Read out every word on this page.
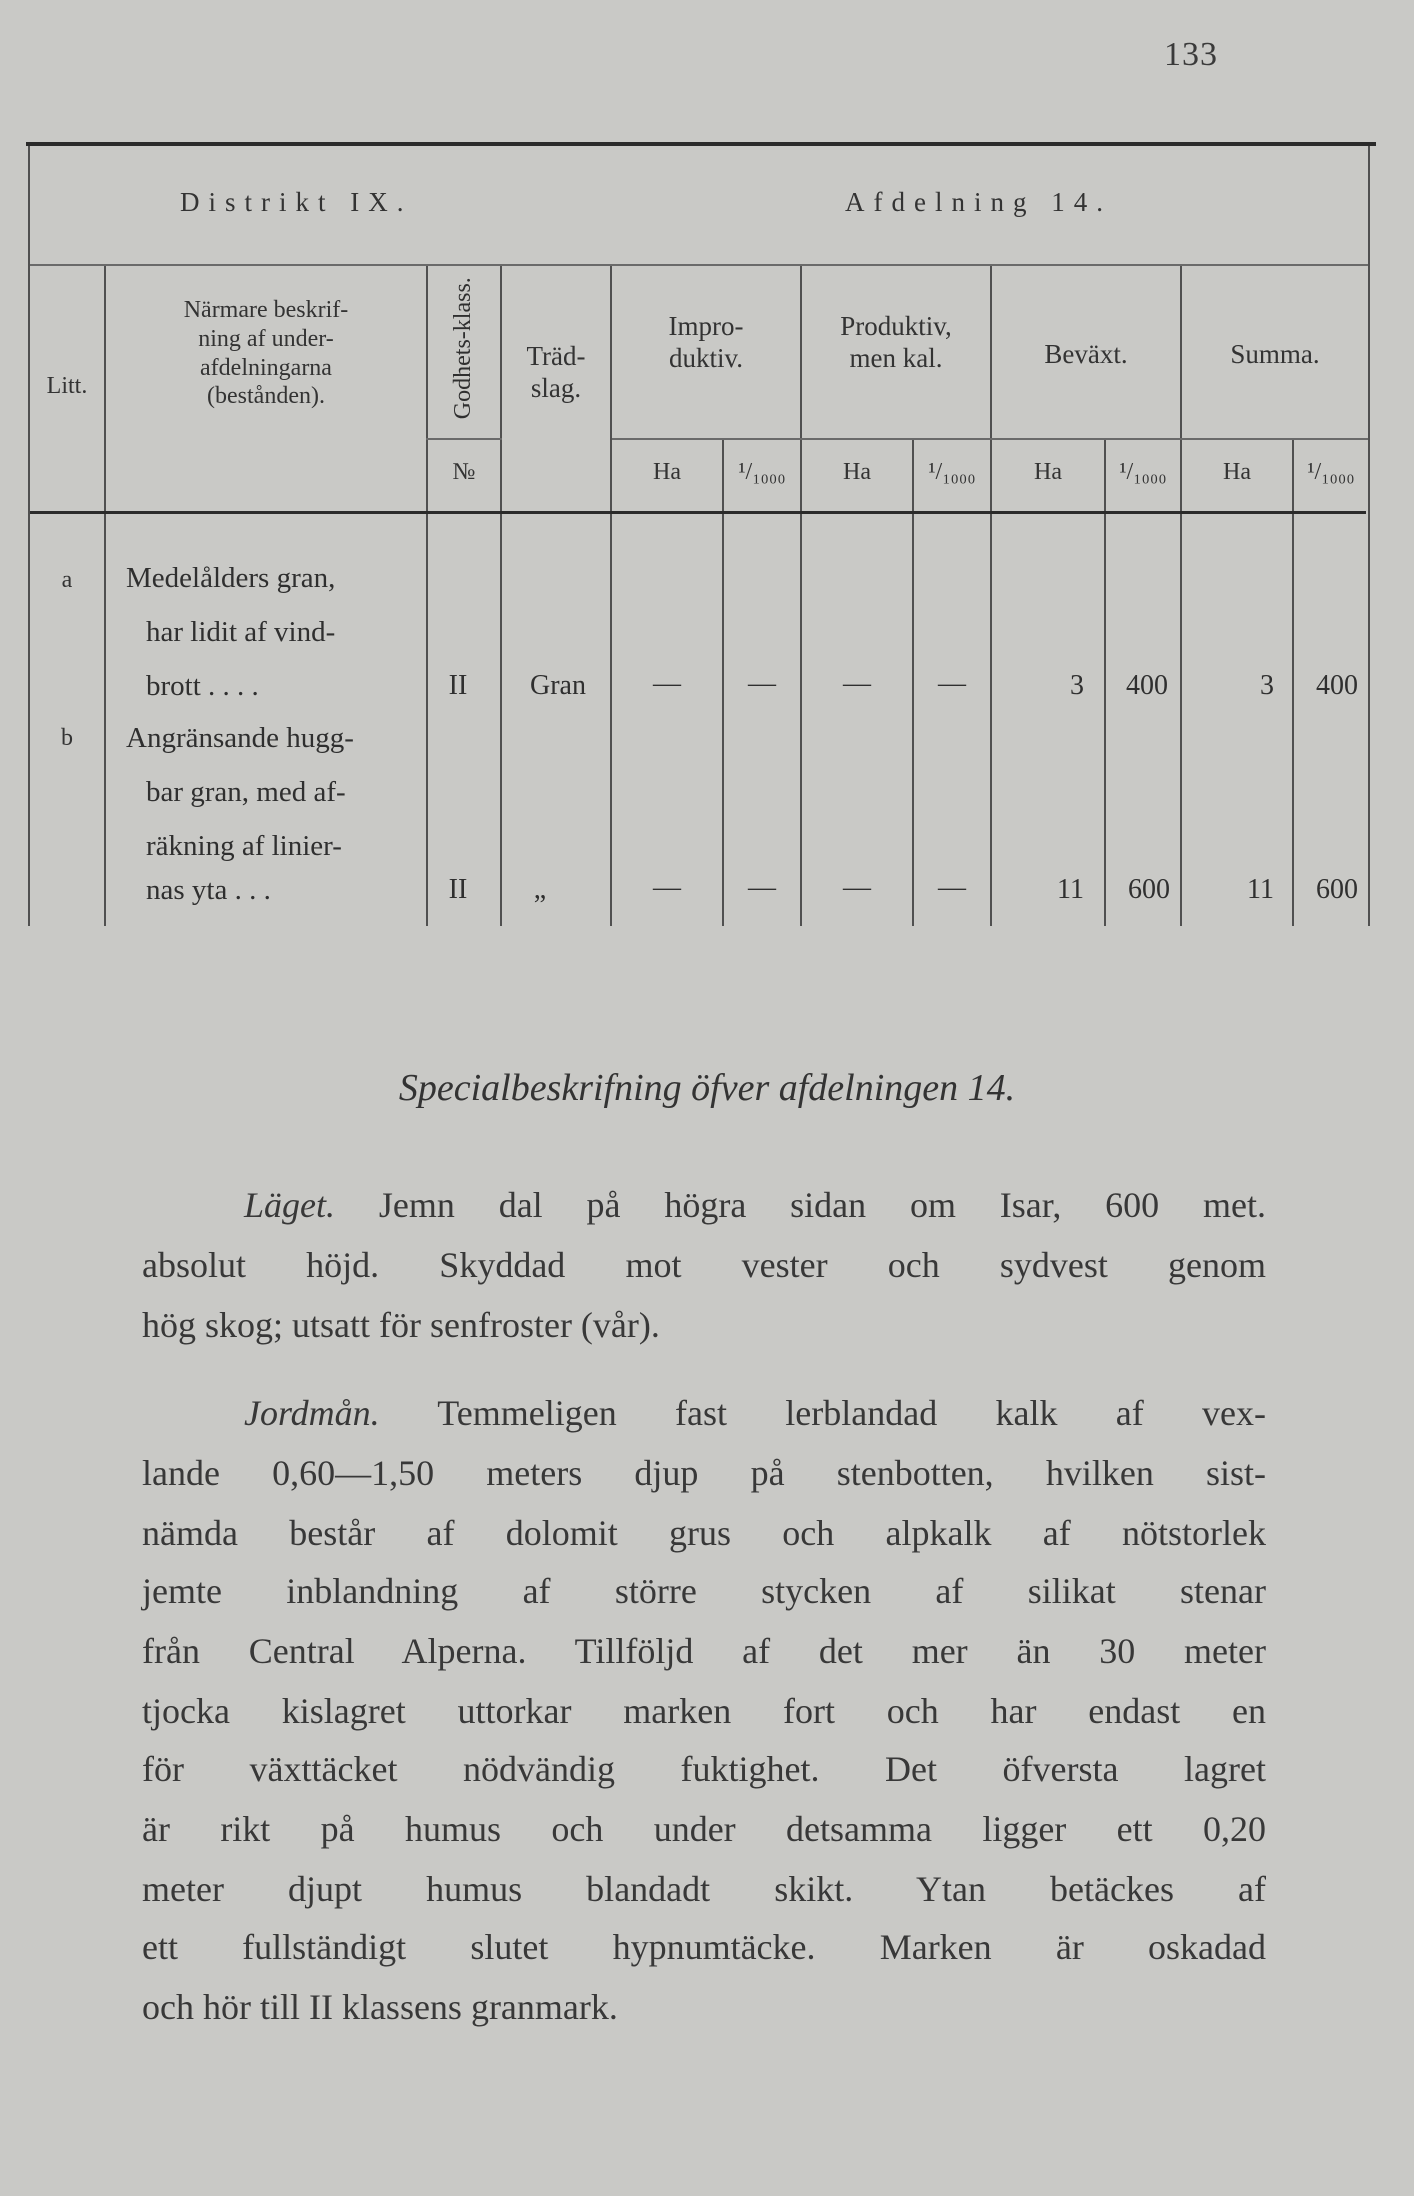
133
Distrikt IX.	Afdelning 14.
Litt.
Närmare beskrif-
ning af under-
afdelningarna
(bestånden).	Godhets-klass.
№
Träd-
slag.
Impro-
duktiv.
Produktiv,
men kal.	Beväxt.	Summa.
Ha	¹/₁₀₀₀	Ha	¹/₁₀₀₀	Ha	¹/₁₀₀₀	Ha	¹/₁₀₀₀
a	Medelålders gran,
har lidit af vind-
brott . . . .	II	Gran	—	—	—	—	3	400	3	400
b	Angränsande hugg-
bar gran, med af-
räkning af linier-
nas yta . . .	II	„	—	—	—	—	11	600	11	600
Specialbeskrifning öfver afdelningen 14.
Läget. Jemn dal på högra sidan om Isar, 600 met.
absolut höjd. Skyddad mot vester och sydvest genom
hög skog; utsatt för senfroster (vår).
Jordmån. Temmeligen fast lerblandad kalk af vex-
lande 0,60—1,50 meters djup på stenbotten, hvilken sist-
nämda består af dolomit grus och alpkalk af nötstorlek
jemte inblandning af större stycken af silikat stenar
från Central Alperna. Tillföljd af det mer än 30 meter
tjocka kislagret uttorkar marken fort och har endast en
för växttäcket nödvändig fuktighet. Det öfversta lagret
är rikt på humus och under detsamma ligger ett 0,20
meter djupt humus blandadt skikt. Ytan betäckes af
ett fullständigt slutet hypnumtäcke. Marken är oskadad
och hör till II klassens granmark.
